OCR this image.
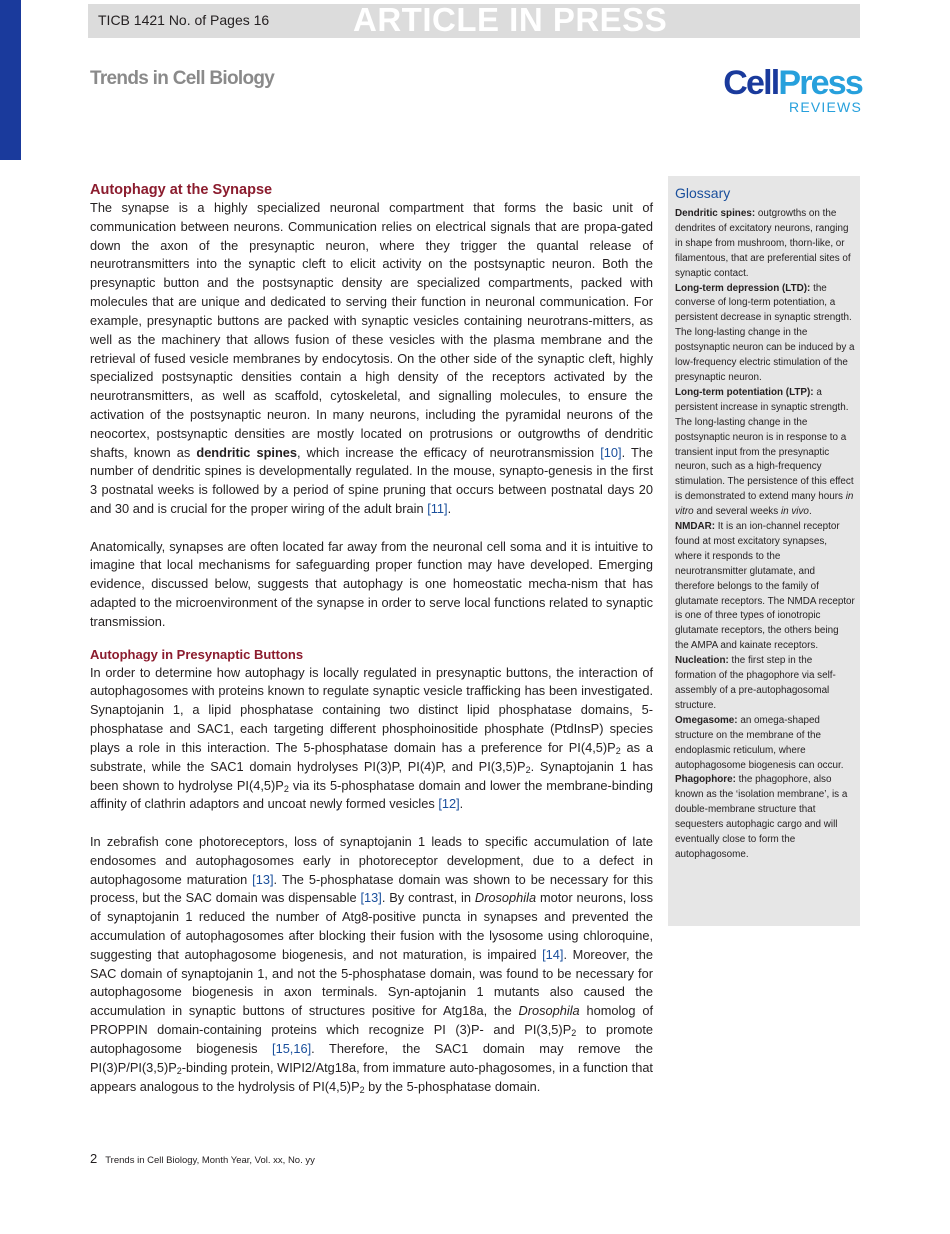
TICB 1421 No. of Pages 16	ARTICLE IN PRESS
Trends in Cell Biology	CellPress
REVIEWS
Autophagy at the Synapse

The synapse is a highly specialized neuronal compartment that forms the basic unit of communication between neurons. Communication relies on electrical signals that are propa-gated down the axon of the presynaptic neuron, where they trigger the quantal release of neurotransmitters into the synaptic cleft to elicit activity on the postsynaptic neuron. Both the presynaptic button and the postsynaptic density are specialized compartments, packed with molecules that are unique and dedicated to serving their function in neuronal communication. For example, presynaptic buttons are packed with synaptic vesicles containing neurotrans-mitters, as well as the machinery that allows fusion of these vesicles with the plasma membrane and the retrieval of fused vesicle membranes by endocytosis. On the other side of the synaptic cleft, highly specialized postsynaptic densities contain a high density of the receptors activated by the neurotransmitters, as well as scaffold, cytoskeletal, and signalling molecules, to ensure the activation of the postsynaptic neuron. In many neurons, including the pyramidal neurons of the neocortex, postsynaptic densities are mostly located on protrusions or outgrowths of dendritic shafts, known as dendritic spines, which increase the efficacy of neurotransmission [10]. The number of dendritic spines is developmentally regulated. In the mouse, synapto-genesis in the first 3 postnatal weeks is followed by a period of spine pruning that occurs between postnatal days 20 and 30 and is crucial for the proper wiring of the adult brain [11].

Anatomically, synapses are often located far away from the neuronal cell soma and it is intuitive to imagine that local mechanisms for safeguarding proper function may have developed. Emerging evidence, discussed below, suggests that autophagy is one homeostatic mecha-nism that has adapted to the microenvironment of the synapse in order to serve local functions related to synaptic transmission.

Autophagy in Presynaptic Buttons

In order to determine how autophagy is locally regulated in presynaptic buttons, the interaction of autophagosomes with proteins known to regulate synaptic vesicle trafficking has been investigated. Synaptojanin 1, a lipid phosphatase containing two distinct lipid phosphatase domains, 5-phosphatase and SAC1, each targeting different phosphoinositide phosphate (PtdInsP) species plays a role in this interaction. The 5-phosphatase domain has a preference for $PI(4,5)P_2$ as a substrate, while the SAC1 domain hydrolyses PI(3)P, PI(4)P, and $PI(3,5)P_2$. Synaptojanin 1 has been shown to hydrolyse $PI(4,5)P_2$ via its 5-phosphatase domain and lower the membrane-binding affinity of clathrin adaptors and uncoat newly formed vesicles [12].

In zebrafish cone photoreceptors, loss of synaptojanin 1 leads to specific accumulation of late endosomes and autophagosomes early in photoreceptor development, due to a defect in autophagosome maturation [13]. The 5-phosphatase domain was shown to be necessary for this process, but the SAC domain was dispensable [13]. By contrast, in Drosophila motor neurons, loss of synaptojanin 1 reduced the number of Atg8-positive puncta in synapses and prevented the accumulation of autophagosomes after blocking their fusion with the lysosome using chloroquine, suggesting that autophagosome biogenesis, and not maturation, is impaired [14]. Moreover, the SAC domain of synaptojanin 1, and not the 5-phosphatase domain, was found to be necessary for autophagosome biogenesis in axon terminals. Syn-aptojanin 1 mutants also caused the accumulation in synaptic buttons of structures positive for Atg18a, the Drosophila homolog of PROPPIN domain-containing proteins which recognize PI (3)P- and $PI(3,5)P_2$ to promote autophagosome biogenesis [15,16]. Therefore, the SAC1 domain may remove the $PI(3)P/PI(3,5)P_2$-binding protein, WIPI2/Atg18a, from immature auto-phagosomes, in a function that appears analogous to the hydrolysis of $PI(4,5)P_2$ by the 5-phosphatase domain.

Glossary

Dendritic spines: outgrowths on the dendrites of excitatory neurons, ranging in shape from mushroom, thorn-like, or filamentous, that are preferential sites of synaptic contact.

Long-term depression (LTD): the converse of long-term potentiation, a persistent decrease in synaptic strength. The long-lasting change in the postsynaptic neuron can be induced by a low-frequency electric stimulation of the presynaptic neuron.

Long-term potentiation (LTP): a persistent increase in synaptic strength. The long-lasting change in the postsynaptic neuron is in response to a transient input from the presynaptic neuron, such as a high-frequency stimulation. The persistence of this effect is demonstrated to extend many hours in vitro and several weeks in vivo.

NMDAR: It is an ion-channel receptor found at most excitatory synapses, where it responds to the neurotransmitter glutamate, and therefore belongs to the family of glutamate receptors. The NMDA receptor is one of three types of ionotropic glutamate receptors, the others being the AMPA and kainate receptors.

Nucleation: the first step in the formation of the phagophore via self-assembly of a pre-autophagosomal structure.

Omegasome: an omega-shaped structure on the membrane of the endoplasmic reticulum, where autophagosome biogenesis can occur.

Phagophore: the phagophore, also known as the ‘isolation membrane’, is a double-membrane structure that sequesters autophagic cargo and will eventually close to form the autophagosome.

2 Trends in Cell Biology, Month Year, Vol. xx, No. yy
